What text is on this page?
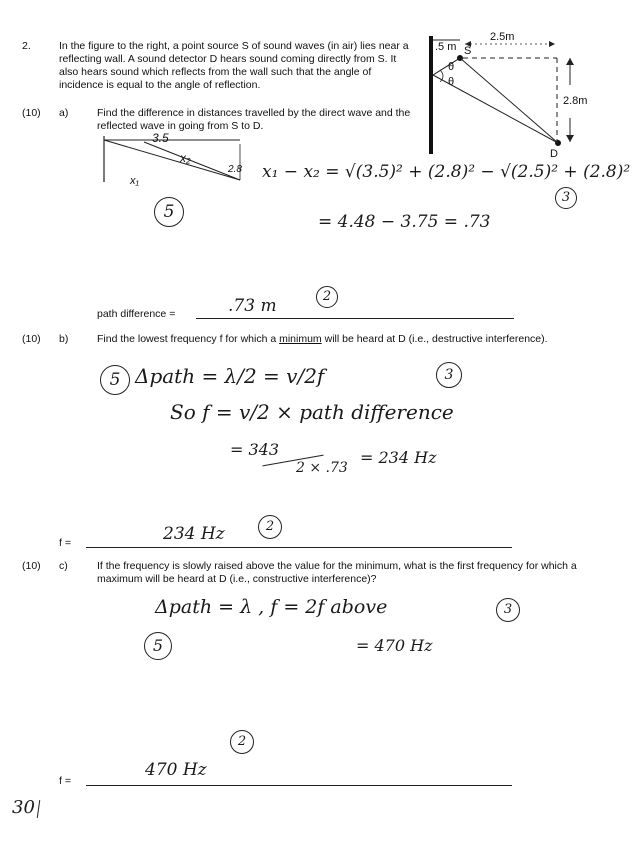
2.	In the figure to the right, a point source S of sound waves (in air) lies near a reflecting wall. A sound detector D hears sound coming directly from S. It also hears sound which reflects from the wall such that the angle of incidence is equal to the angle of reflection.
.5 m S
2.5m
2.8m
D
θ
θ
(10) a)	Find the difference in distances travelled by the direct wave and the reflected wave in going from S to D.
3.5
x₂
x₁
2.8 x₁ − x₂ = √(3.5)² + (2.8)² − √(2.5)² + (2.8)²
= 4.48 − 3.75 = .73
5
3
path difference =	.73 m	2
(10) b)	Find the lowest frequency f for which a minimum will be heard at D (i.e., destructive interference).
5 Δpath = λ/2 = v/2f	3
So f = v/2 × path difference
= 343
2 × .73
= 234 Hz
f =	234 Hz	2
(10) c)	If the frequency is slowly raised above the value for the minimum, what is the first frequency for which a maximum will be heard at D (i.e., constructive interference)?
Δpath = λ , f = 2f above	3
5	= 470 Hz
2
470 Hz
f =
30
